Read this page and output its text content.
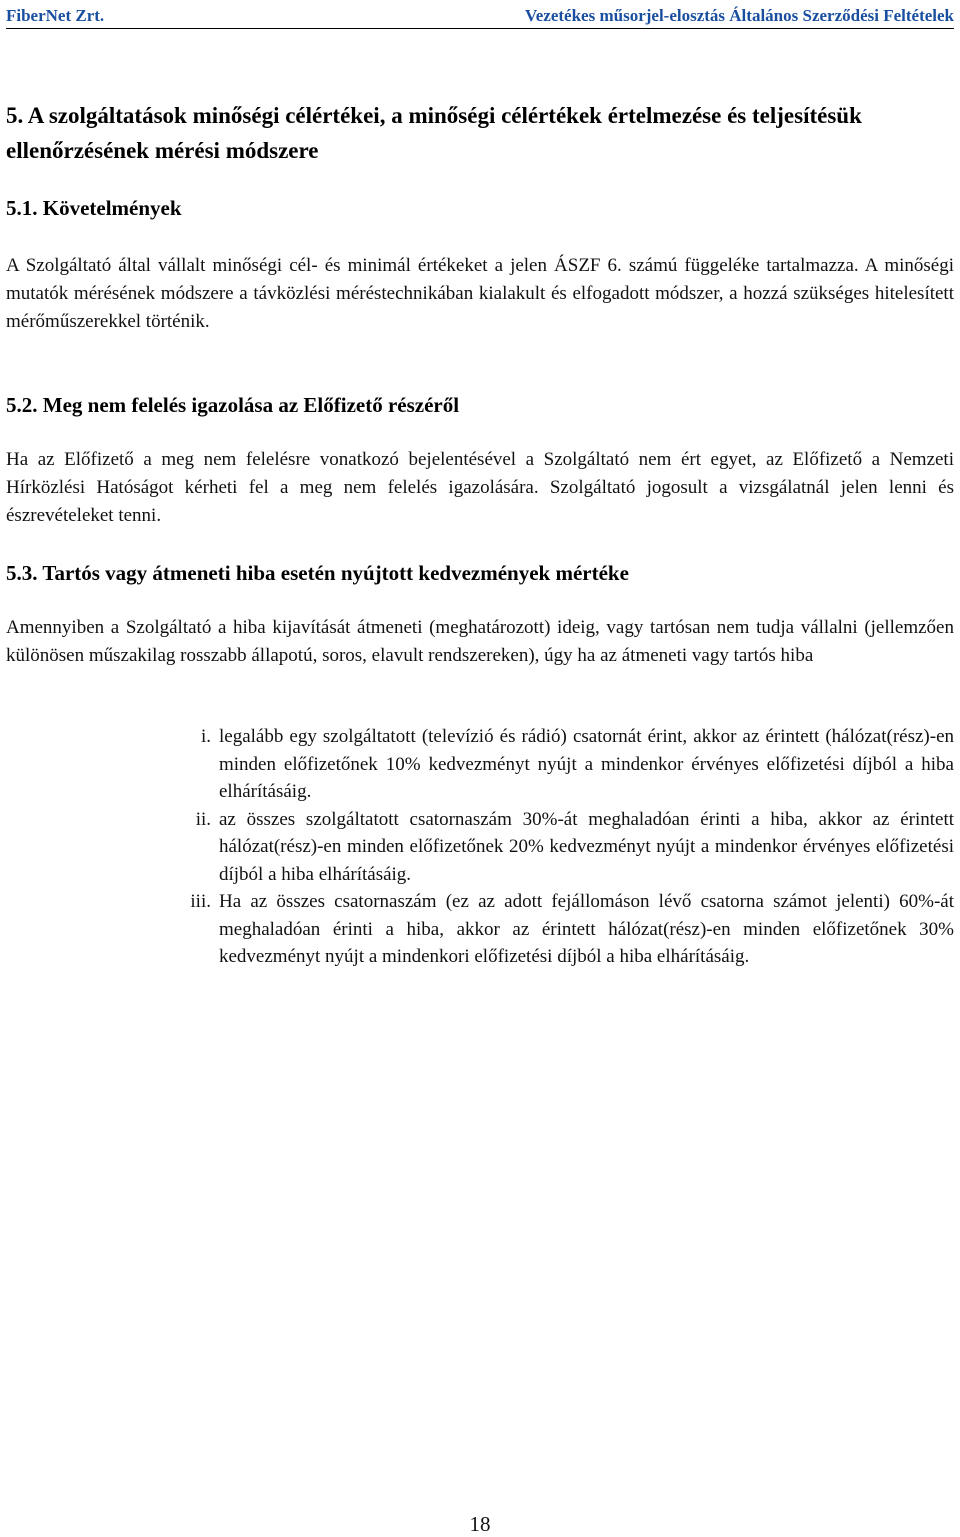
FiberNet Zrt.	Vezetékes műsorjel-elosztás Általános Szerződési Feltételek
5. A szolgáltatások minőségi célértékei, a minőségi célértékek értelmezése és teljesítésük ellenőrzésének mérési módszere
5.1. Követelmények
A Szolgáltató által vállalt minőségi cél- és minimál értékeket a jelen ÁSZF 6. számú függeléke tartalmazza. A minőségi mutatók mérésének módszere a távközlési méréstechnikában kialakult és elfogadott módszer, a hozzá szükséges hitelesített mérőműszerekkel történik.
5.2. Meg nem felelés igazolása az Előfizető részéről
Ha az Előfizető a meg nem felelésre vonatkozó bejelentésével a Szolgáltató nem ért egyet, az Előfizető a Nemzeti Hírközlési Hatóságot kérheti fel a meg nem felelés igazolására. Szolgáltató jogosult a vizsgálatnál jelen lenni és észrevételeket tenni.
5.3. Tartós vagy átmeneti hiba esetén nyújtott kedvezmények mértéke
Amennyiben a Szolgáltató a hiba kijavítását átmeneti (meghatározott) ideig, vagy tartósan nem tudja vállalni (jellemzően különösen műszakilag rosszabb állapotú, soros, elavult rendszereken), úgy ha az átmeneti vagy tartós hiba
i. legalább egy szolgáltatott (televízió és rádió) csatornát érint, akkor az érintett (hálózat(rész)-en minden előfizetőnek 10% kedvezményt nyújt a mindenkor érvényes előfizetési díjból a hiba elhárításáig.
ii. az összes szolgáltatott csatornaszám 30%-át meghaladóan érinti a hiba, akkor az érintett hálózat(rész)-en minden előfizetőnek 20% kedvezményt nyújt a mindenkor érvényes előfizetési díjból a hiba elhárításáig.
iii. Ha az összes csatornaszám (ez az adott fejállomáson lévő csatorna számot jelenti) 60%-át meghaladóan érinti a hiba, akkor az érintett hálózat(rész)-en minden előfizetőnek 30% kedvezményt nyújt a mindenkori előfizetési díjból a hiba elhárításáig.
18
